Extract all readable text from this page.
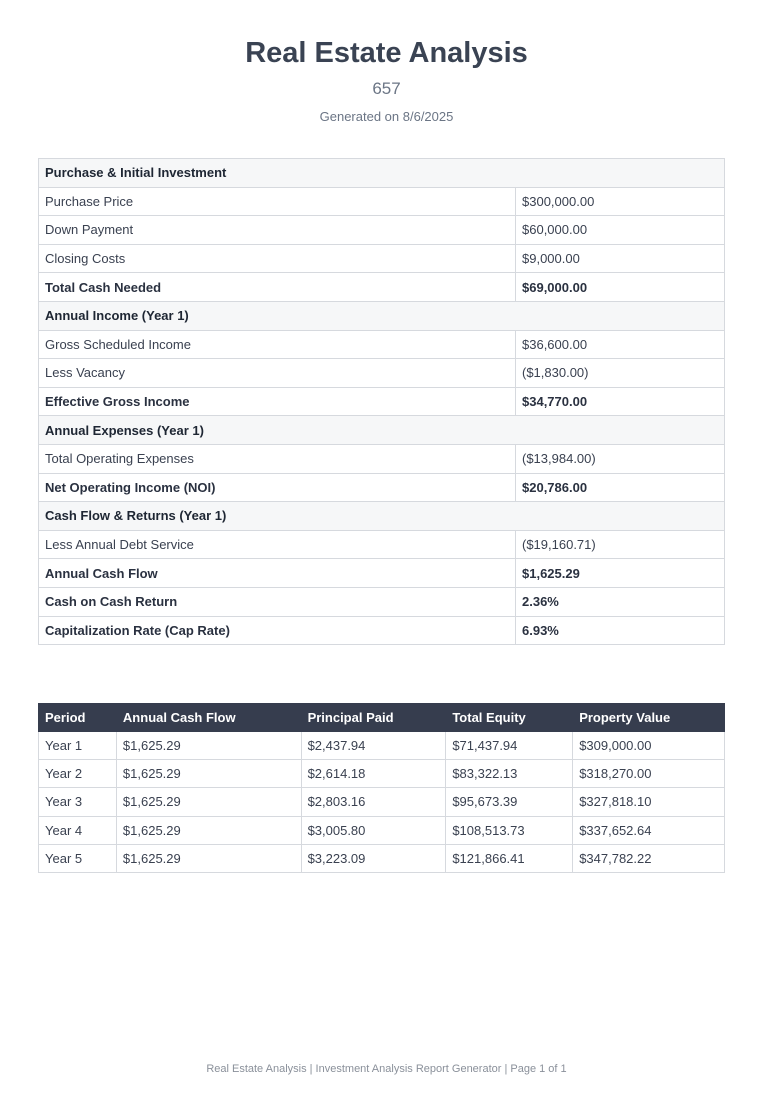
Real Estate Analysis
657
Generated on 8/6/2025
Purchase & Initial Investment	
Purchase Price	$300,000.00
Down Payment	$60,000.00
Closing Costs	$9,000.00
Total Cash Needed	$69,000.00
Annual Income (Year 1)	
Gross Scheduled Income	$36,600.00
Less Vacancy	($1,830.00)
Effective Gross Income	$34,770.00
Annual Expenses (Year 1)	
Total Operating Expenses	($13,984.00)
Net Operating Income (NOI)	$20,786.00
Cash Flow & Returns (Year 1)	
Less Annual Debt Service	($19,160.71)
Annual Cash Flow	$1,625.29
Cash on Cash Return	2.36%
Capitalization Rate (Cap Rate)	6.93%
Period	Annual Cash Flow	Principal Paid	Total Equity	Property Value
Year 1	$1,625.29	$2,437.94	$71,437.94	$309,000.00
Year 2	$1,625.29	$2,614.18	$83,322.13	$318,270.00
Year 3	$1,625.29	$2,803.16	$95,673.39	$327,818.10
Year 4	$1,625.29	$3,005.80	$108,513.73	$337,652.64
Year 5	$1,625.29	$3,223.09	$121,866.41	$347,782.22
Real Estate Analysis | Investment Analysis Report Generator | Page 1 of 1
